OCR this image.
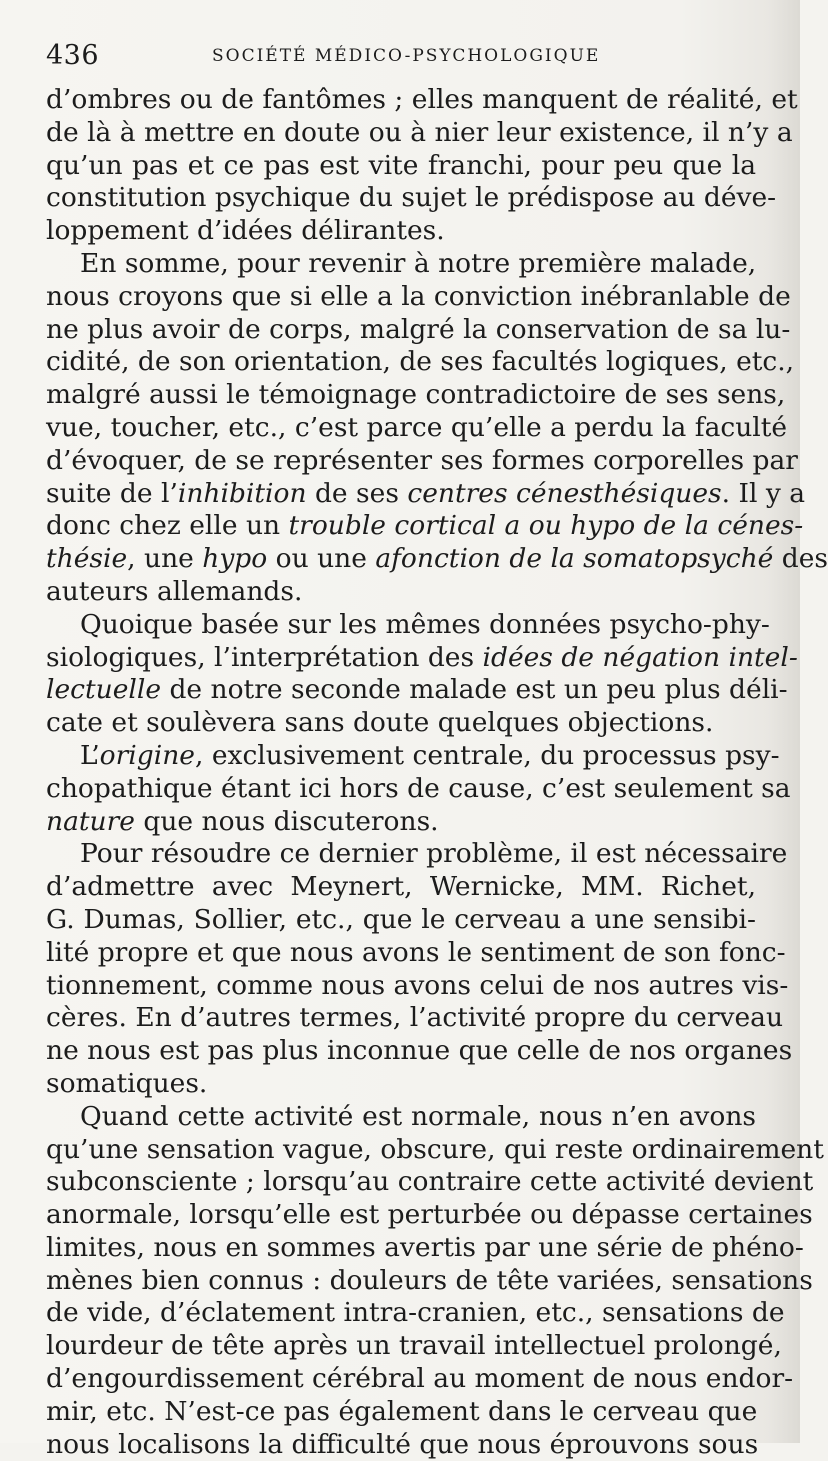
436	SOCIÉTÉ MÉDICO-PSYCHOLOGIQUE
d’ombres ou de fantômes ; elles manquent de réalité, et
de là à mettre en doute ou à nier leur existence, il n’y a
qu’un pas et ce pas est vite franchi, pour peu que la
constitution psychique du sujet le prédispose au déve-
loppement d’idées délirantes.
En somme, pour revenir à notre première malade,
nous croyons que si elle a la conviction inébranlable de
ne plus avoir de corps, malgré la conservation de sa lu-
cidité, de son orientation, de ses facultés logiques, etc.,
malgré aussi le témoignage contradictoire de ses sens,
vue, toucher, etc., c’est parce qu’elle a perdu la faculté
d’évoquer, de se représenter ses formes corporelles par
suite de l’inhibition de ses centres cénesthésiques. Il y a
donc chez elle un trouble cortical a ou hypo de la cénes-
thésie, une hypo ou une afonction de la somatopsyché des
auteurs allemands.
Quoique basée sur les mêmes données psycho-phy-
siologiques, l’interprétation des idées de négation intel-
lectuelle de notre seconde malade est un peu plus déli-
cate et soulèvera sans doute quelques objections.
L’origine, exclusivement centrale, du processus psy-
chopathique étant ici hors de cause, c’est seulement sa
nature que nous discuterons.
Pour résoudre ce dernier problème, il est nécessaire
d’admettre avec Meynert, Wernicke, MM. Richet,
G. Dumas, Sollier, etc., que le cerveau a une sensibi-
lité propre et que nous avons le sentiment de son fonc-
tionnement, comme nous avons celui de nos autres vis-
cères. En d’autres termes, l’activité propre du cerveau
ne nous est pas plus inconnue que celle de nos organes
somatiques.
Quand cette activité est normale, nous n’en avons
qu’une sensation vague, obscure, qui reste ordinairement
subconsciente ; lorsqu’au contraire cette activité devient
anormale, lorsqu’elle est perturbée ou dépasse certaines
limites, nous en sommes avertis par une série de phéno-
mènes bien connus : douleurs de tête variées, sensations
de vide, d’éclatement intra-cranien, etc., sensations de
lourdeur de tête après un travail intellectuel prolongé,
d’engourdissement cérébral au moment de nous endor-
mir, etc. N’est-ce pas également dans le cerveau que
nous localisons la difficulté que nous éprouvons sous
